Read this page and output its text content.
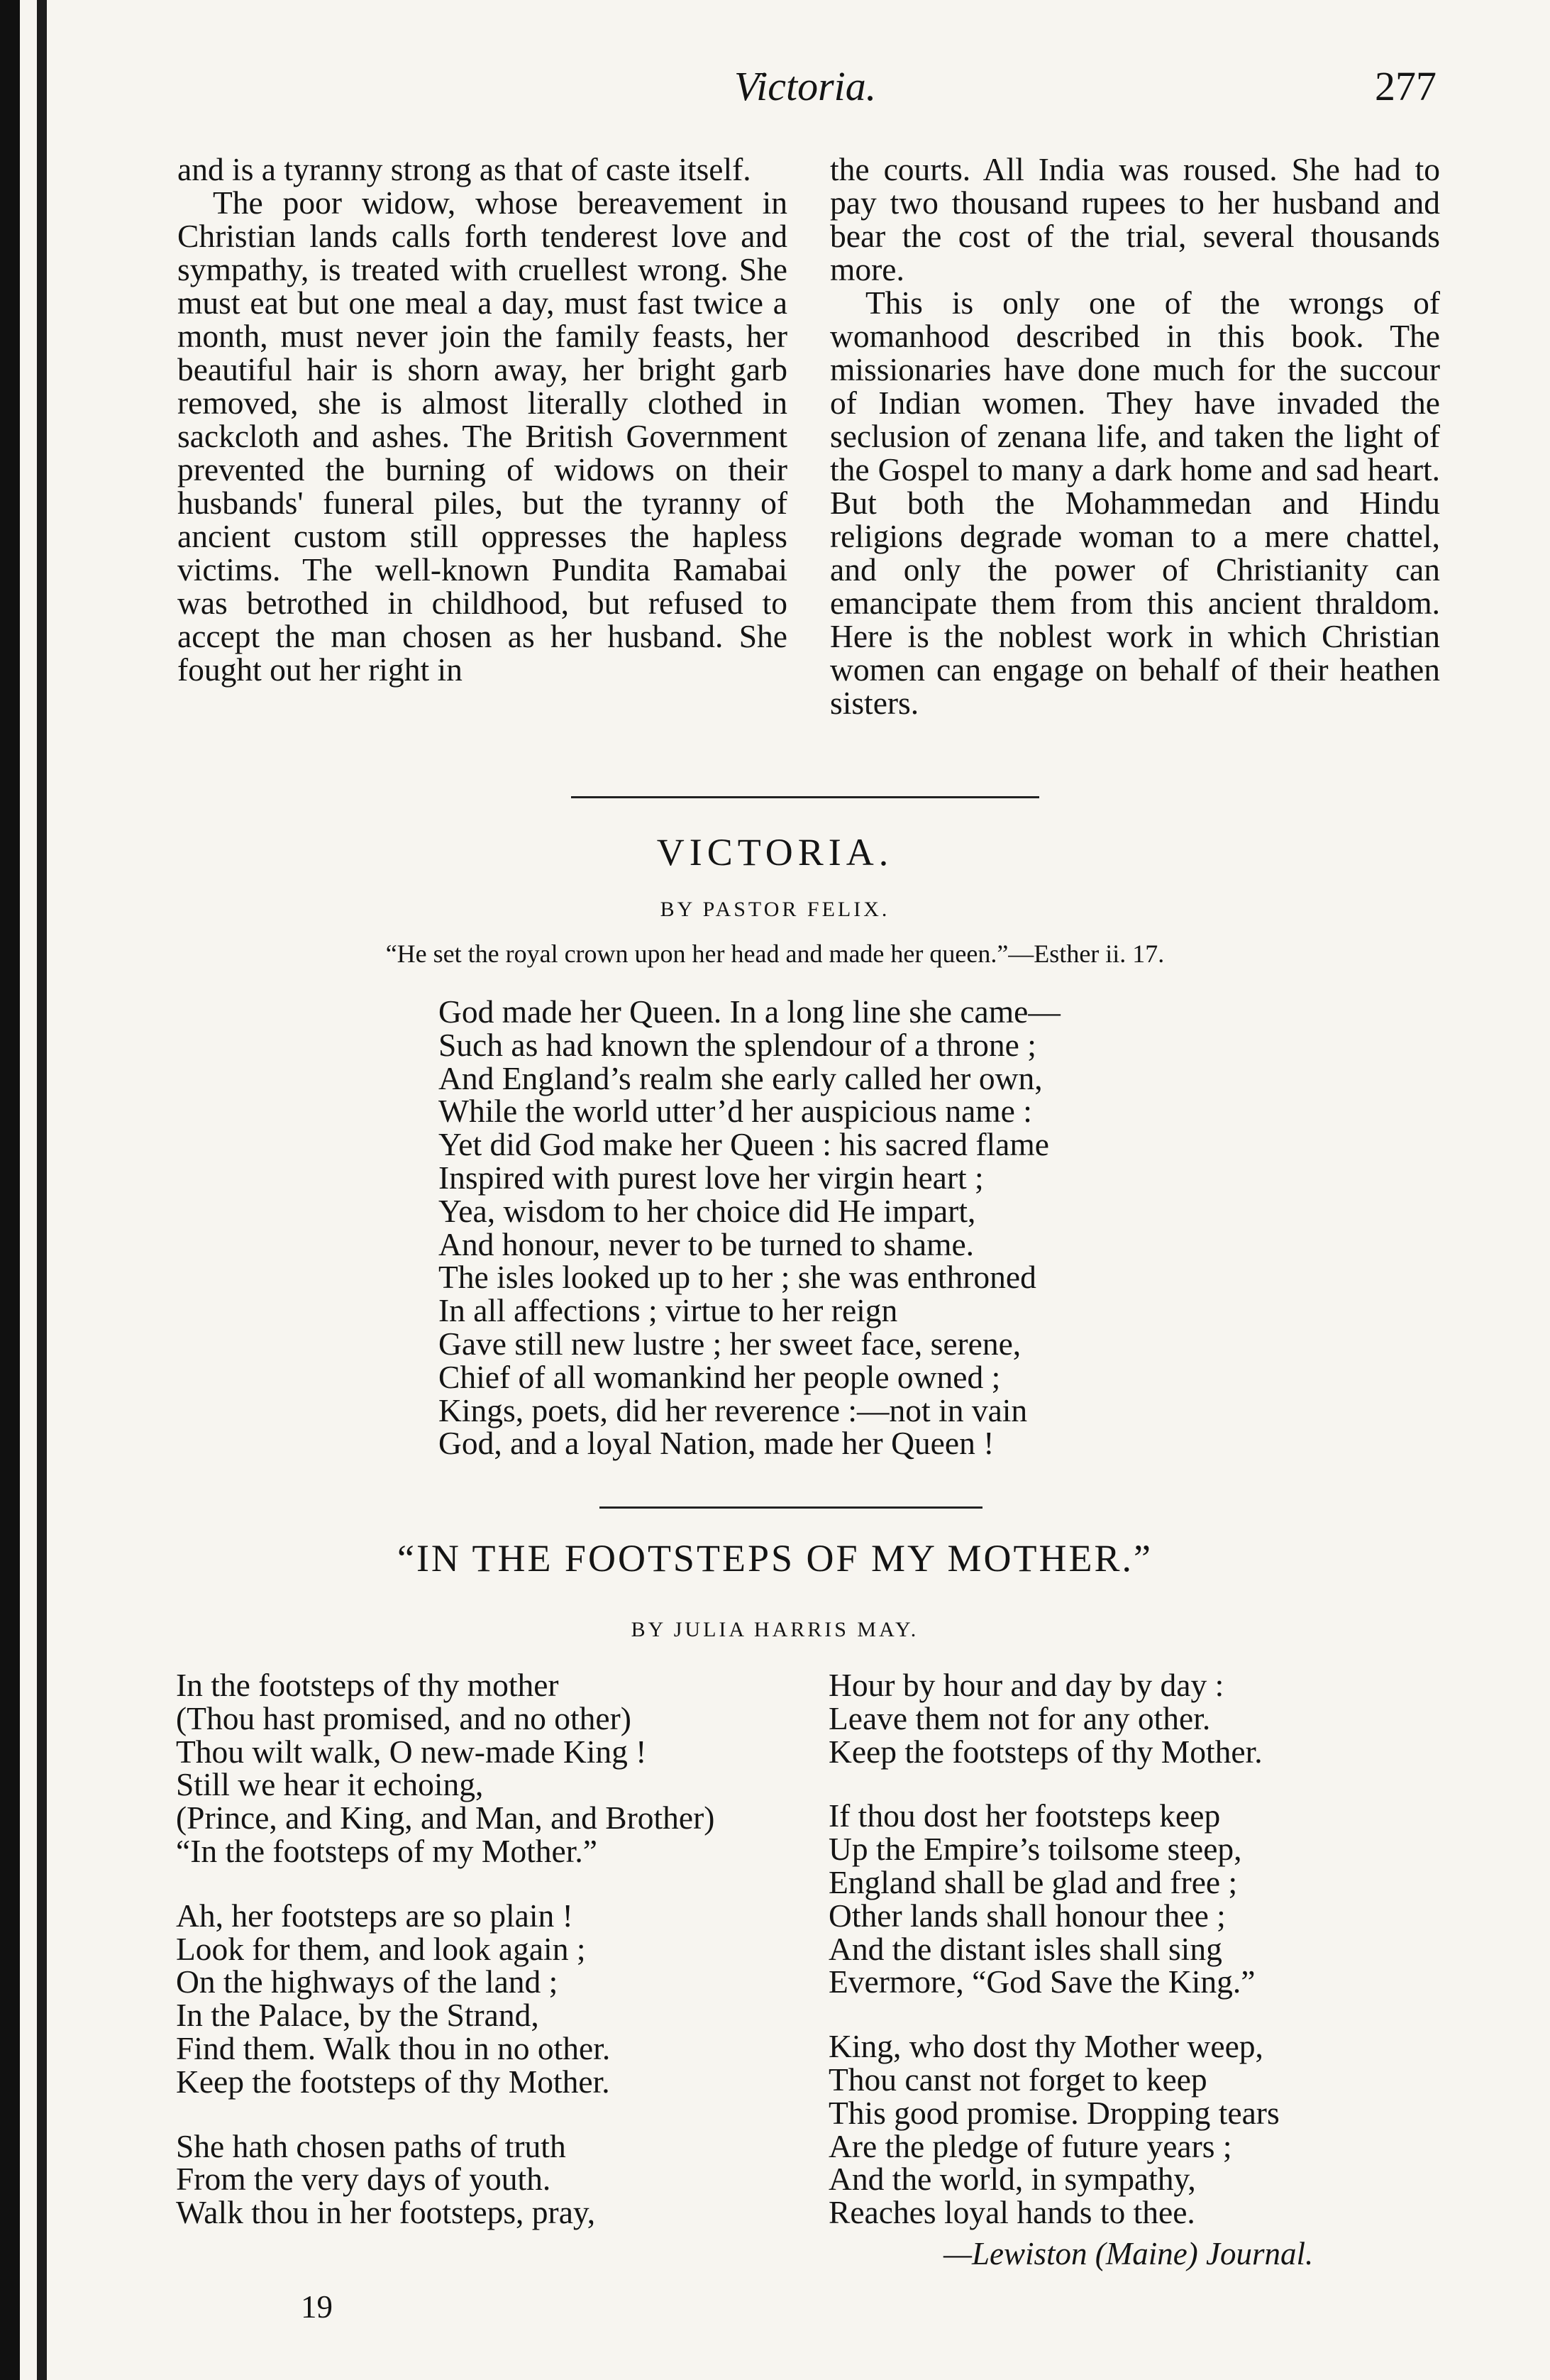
Victoria.	277

and is a tyranny strong as that of caste itself.

The poor widow, whose bereavement in Christian lands calls forth tenderest love and sympathy, is treated with cruellest wrong. She must eat but one meal a day, must fast twice a month, must never join the family feasts, her beautiful hair is shorn away, her bright garb removed, she is almost literally clothed in sackcloth and ashes. The British Government prevented the burning of widows on their husbands' funeral piles, but the tyranny of ancient custom still oppresses the hapless victims. The well-known Pundita Ramabai was betrothed in childhood, but refused to accept the man chosen as her husband. She fought out her right in

the courts. All India was roused. She had to pay two thousand rupees to her husband and bear the cost of the trial, several thousands more.

This is only one of the wrongs of womanhood described in this book. The missionaries have done much for the succour of Indian women. They have invaded the seclusion of zenana life, and taken the light of the Gospel to many a dark home and sad heart. But both the Mohammedan and Hindu religions degrade woman to a mere chattel, and only the power of Christianity can emancipate them from this ancient thraldom. Here is the noblest work in which Christian women can engage on behalf of their heathen sisters.

VICTORIA.
BY PASTOR FELIX.
“He set the royal crown upon her head and made her queen.”—Esther ii. 17.
God made her Queen. In a long line she came—
Such as had known the splendour of a throne ;
And England’s realm she early called her own,
While the world utter’d her auspicious name :
Yet did God make her Queen : his sacred flame
Inspired with purest love her virgin heart ;
Yea, wisdom to her choice did He impart,
And honour, never to be turned to shame.
The isles looked up to her ; she was enthroned
In all affections ; virtue to her reign
Gave still new lustre ; her sweet face, serene,
Chief of all womankind her people owned ;
Kings, poets, did her reverence :—not in vain
God, and a loyal Nation, made her Queen !
“IN THE FOOTSTEPS OF MY MOTHER.”
BY JULIA HARRIS MAY.
In the footsteps of thy mother
(Thou hast promised, and no other)
Thou wilt walk, O new-made King !
Still we hear it echoing,
(Prince, and King, and Man, and Brother)
“In the footsteps of my Mother.”
Ah, her footsteps are so plain !
Look for them, and look again ;
On the highways of the land ;
In the Palace, by the Strand,
Find them. Walk thou in no other.
Keep the footsteps of thy Mother.
She hath chosen paths of truth
From the very days of youth.
Walk thou in her footsteps, pray,
Hour by hour and day by day :
Leave them not for any other.
Keep the footsteps of thy Mother.
If thou dost her footsteps keep
Up the Empire’s toilsome steep,
England shall be glad and free ;
Other lands shall honour thee ;
And the distant isles shall sing
Evermore, “God Save the King.”
King, who dost thy Mother weep,
Thou canst not forget to keep
This good promise. Dropping tears
Are the pledge of future years ;
And the world, in sympathy,
Reaches loyal hands to thee.
—Lewiston (Maine) Journal.
19
